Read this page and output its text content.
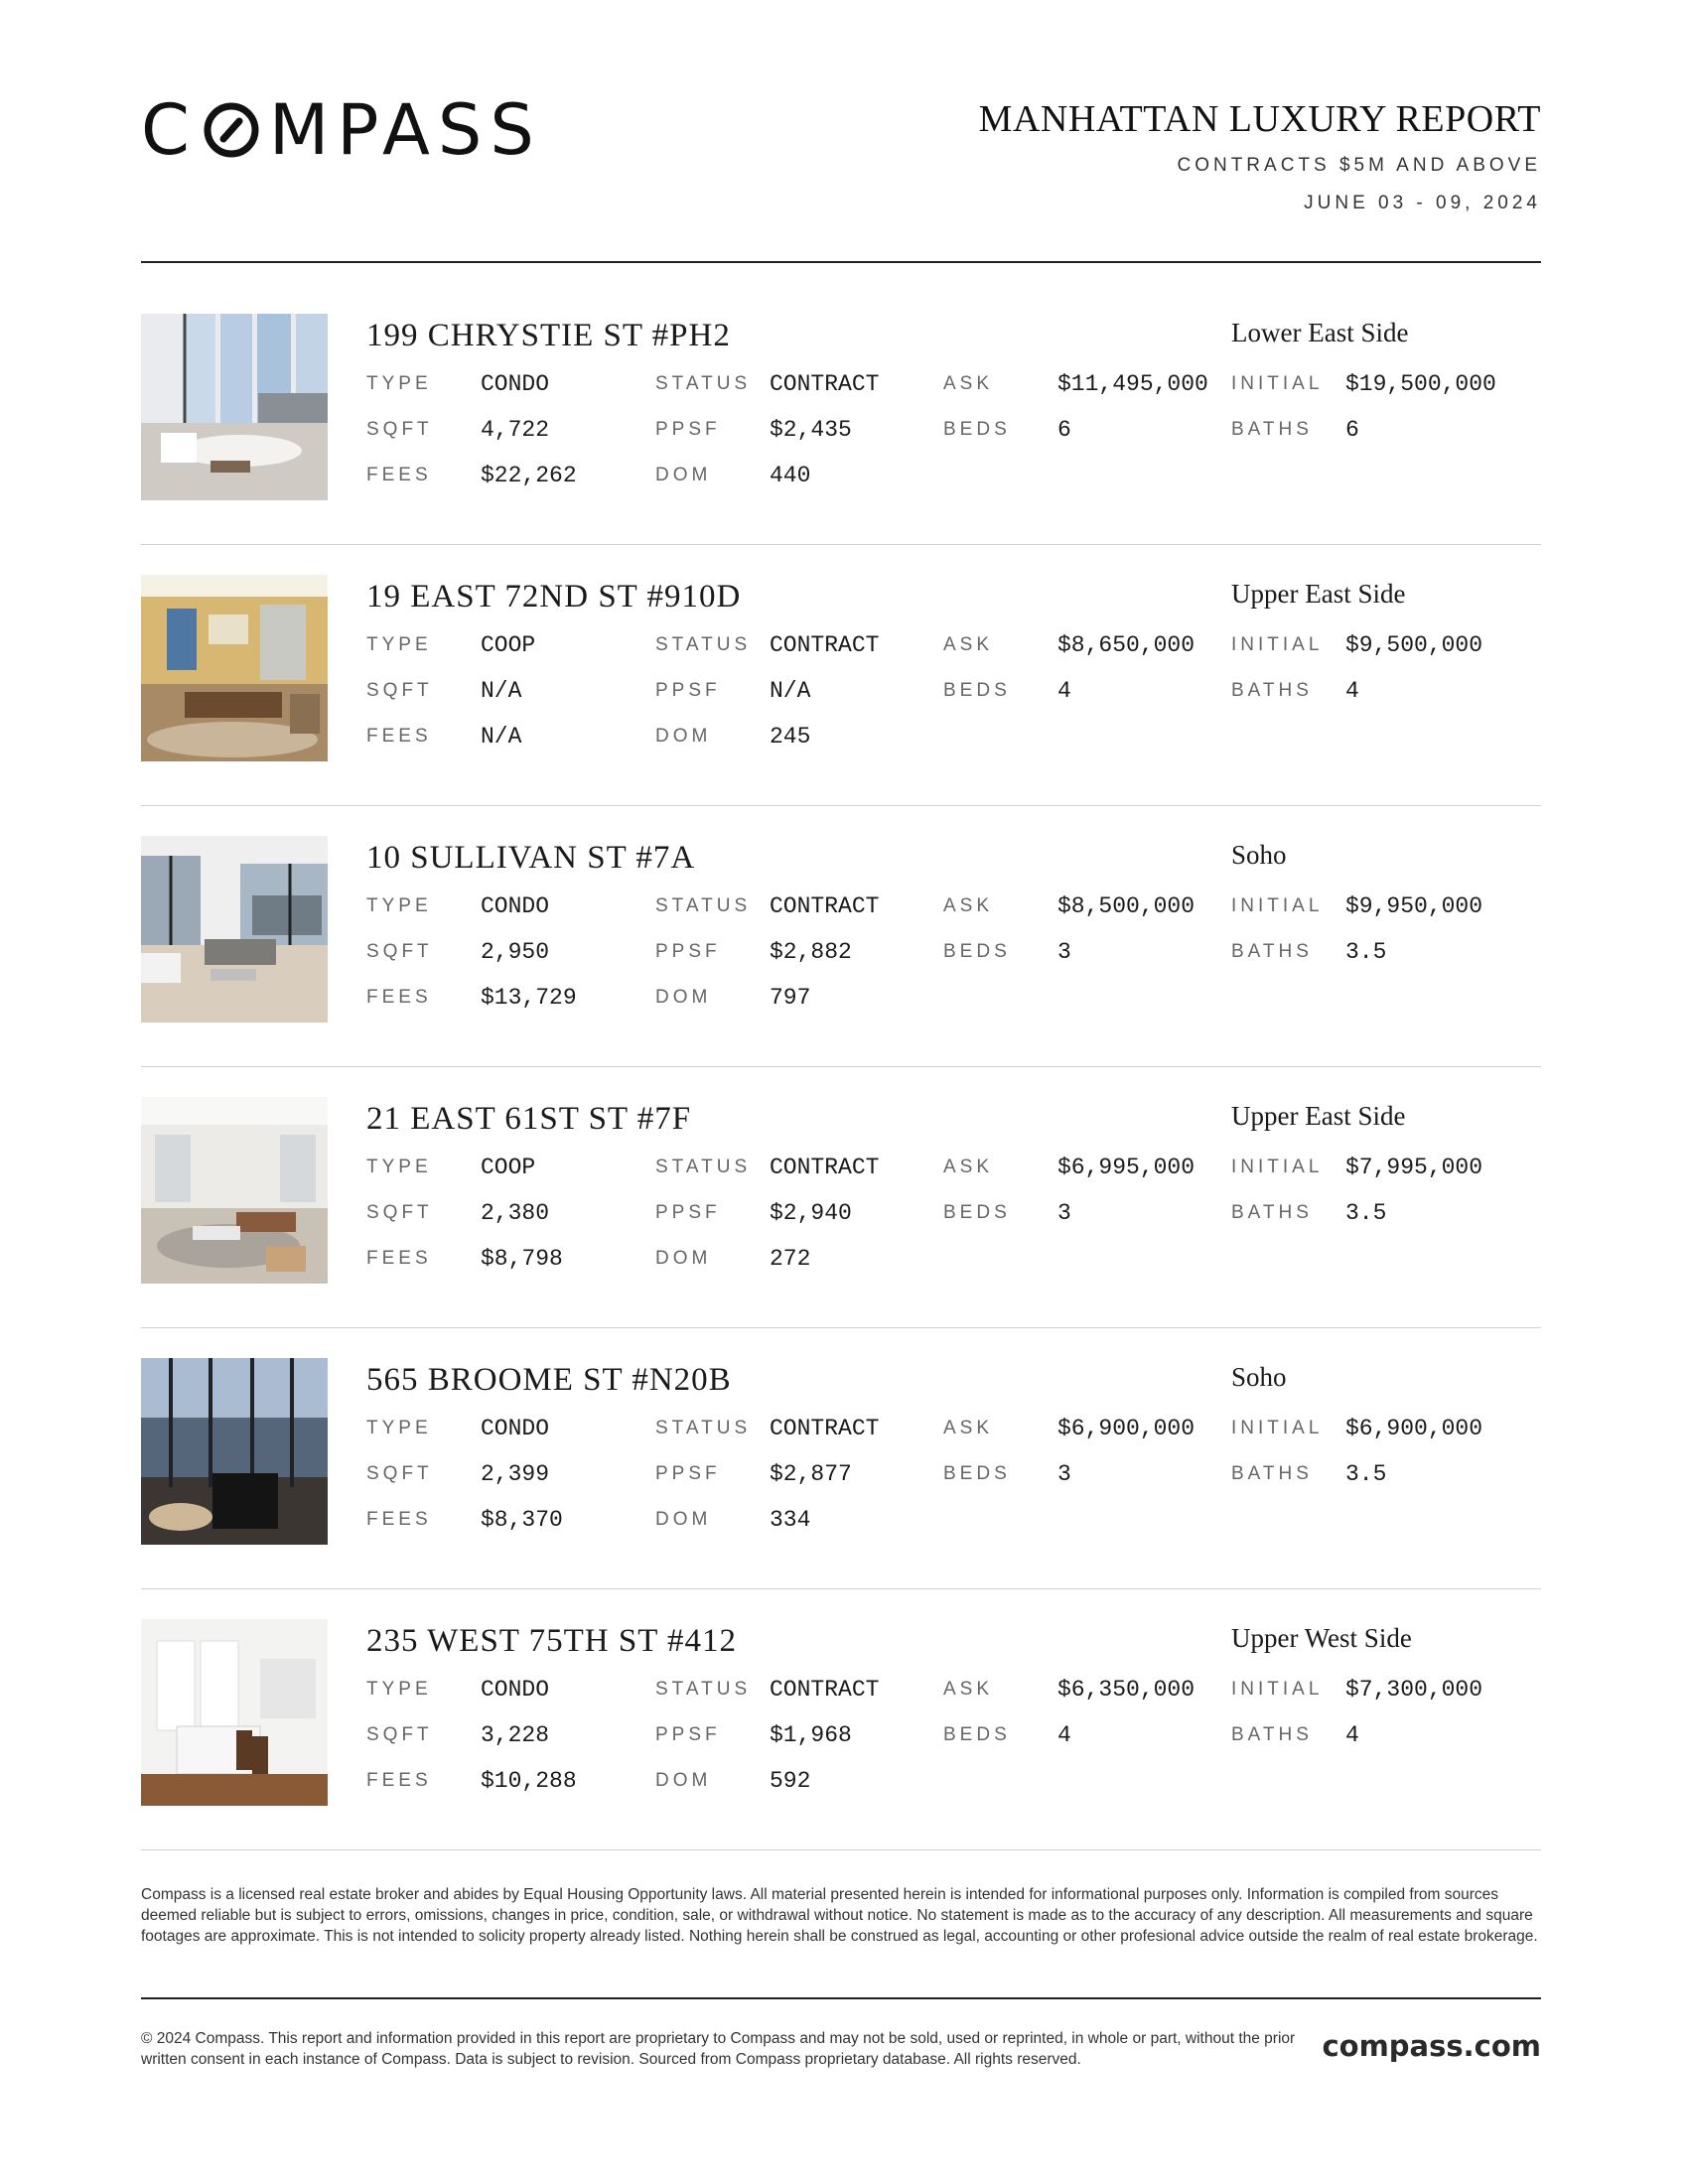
C MPASS	MANHATTAN LUXURY REPORT
CONTRACTS $5M AND ABOVE
JUNE 03 - 09, 2024
199 CHRYSTIE ST #PH2	Lower East Side
TYPE CONDO	STATUS CONTRACT	ASK	$11,495,000 INITIAL $19,500,000
SQFT 4,722	PPSF $2,435	BEDS 6	BATHS 6
FEES $22,262	DOM	440
19 EAST 72ND ST #910D	Upper East Side
TYPE COOP	STATUS CONTRACT	ASK	$8,650,000 INITIAL $9,500,000
SQFT N/A	PPSF N/A	BEDS 4	BATHS 4
FEES N/A	DOM	245
10 SULLIVAN ST #7A	Soho
TYPE CONDO	STATUS CONTRACT	ASK	$8,500,000 INITIAL $9,950,000
SQFT 2,950	PPSF $2,882	BEDS 3	BATHS 3.5
FEES $13,729	DOM	797
21 EAST 61ST ST #7F	Upper East Side
TYPE COOP	STATUS CONTRACT	ASK	$6,995,000 INITIAL $7,995,000
SQFT 2,380	PPSF $2,940	BEDS 3	BATHS 3.5
FEES $8,798	DOM	272
565 BROOME ST #N20B	Soho
TYPE CONDO	STATUS CONTRACT	ASK	$6,900,000 INITIAL $6,900,000
SQFT 2,399	PPSF $2,877	BEDS 3	BATHS 3.5
FEES $8,370	DOM	334
235 WEST 75TH ST #412	Upper West Side
TYPE CONDO	STATUS CONTRACT	ASK	$6,350,000 INITIAL $7,300,000
SQFT 3,228	PPSF $1,968	BEDS 4	BATHS 4
FEES $10,288	DOM	592
Compass is a licensed real estate broker and abides by Equal Housing Opportunity laws. All material presented herein is intended for informational purposes only. Information is compiled from sources deemed reliable but is subject to errors, omissions, changes in price, condition, sale, or withdrawal without notice. No statement is made as to the accuracy of any description. All measurements and square footages are approximate. This is not intended to solicity property already listed. Nothing herein shall be construed as legal, accounting or other profesional advice outside the realm of real estate brokerage.
© 2024 Compass. This report and information provided in this report are proprietary to Compass and may not be sold, used or reprinted, in whole or part, without the prior written consent in each instance of Compass. Data is subject to revision. Sourced from Compass proprietary database. All rights reserved.	compass.com
